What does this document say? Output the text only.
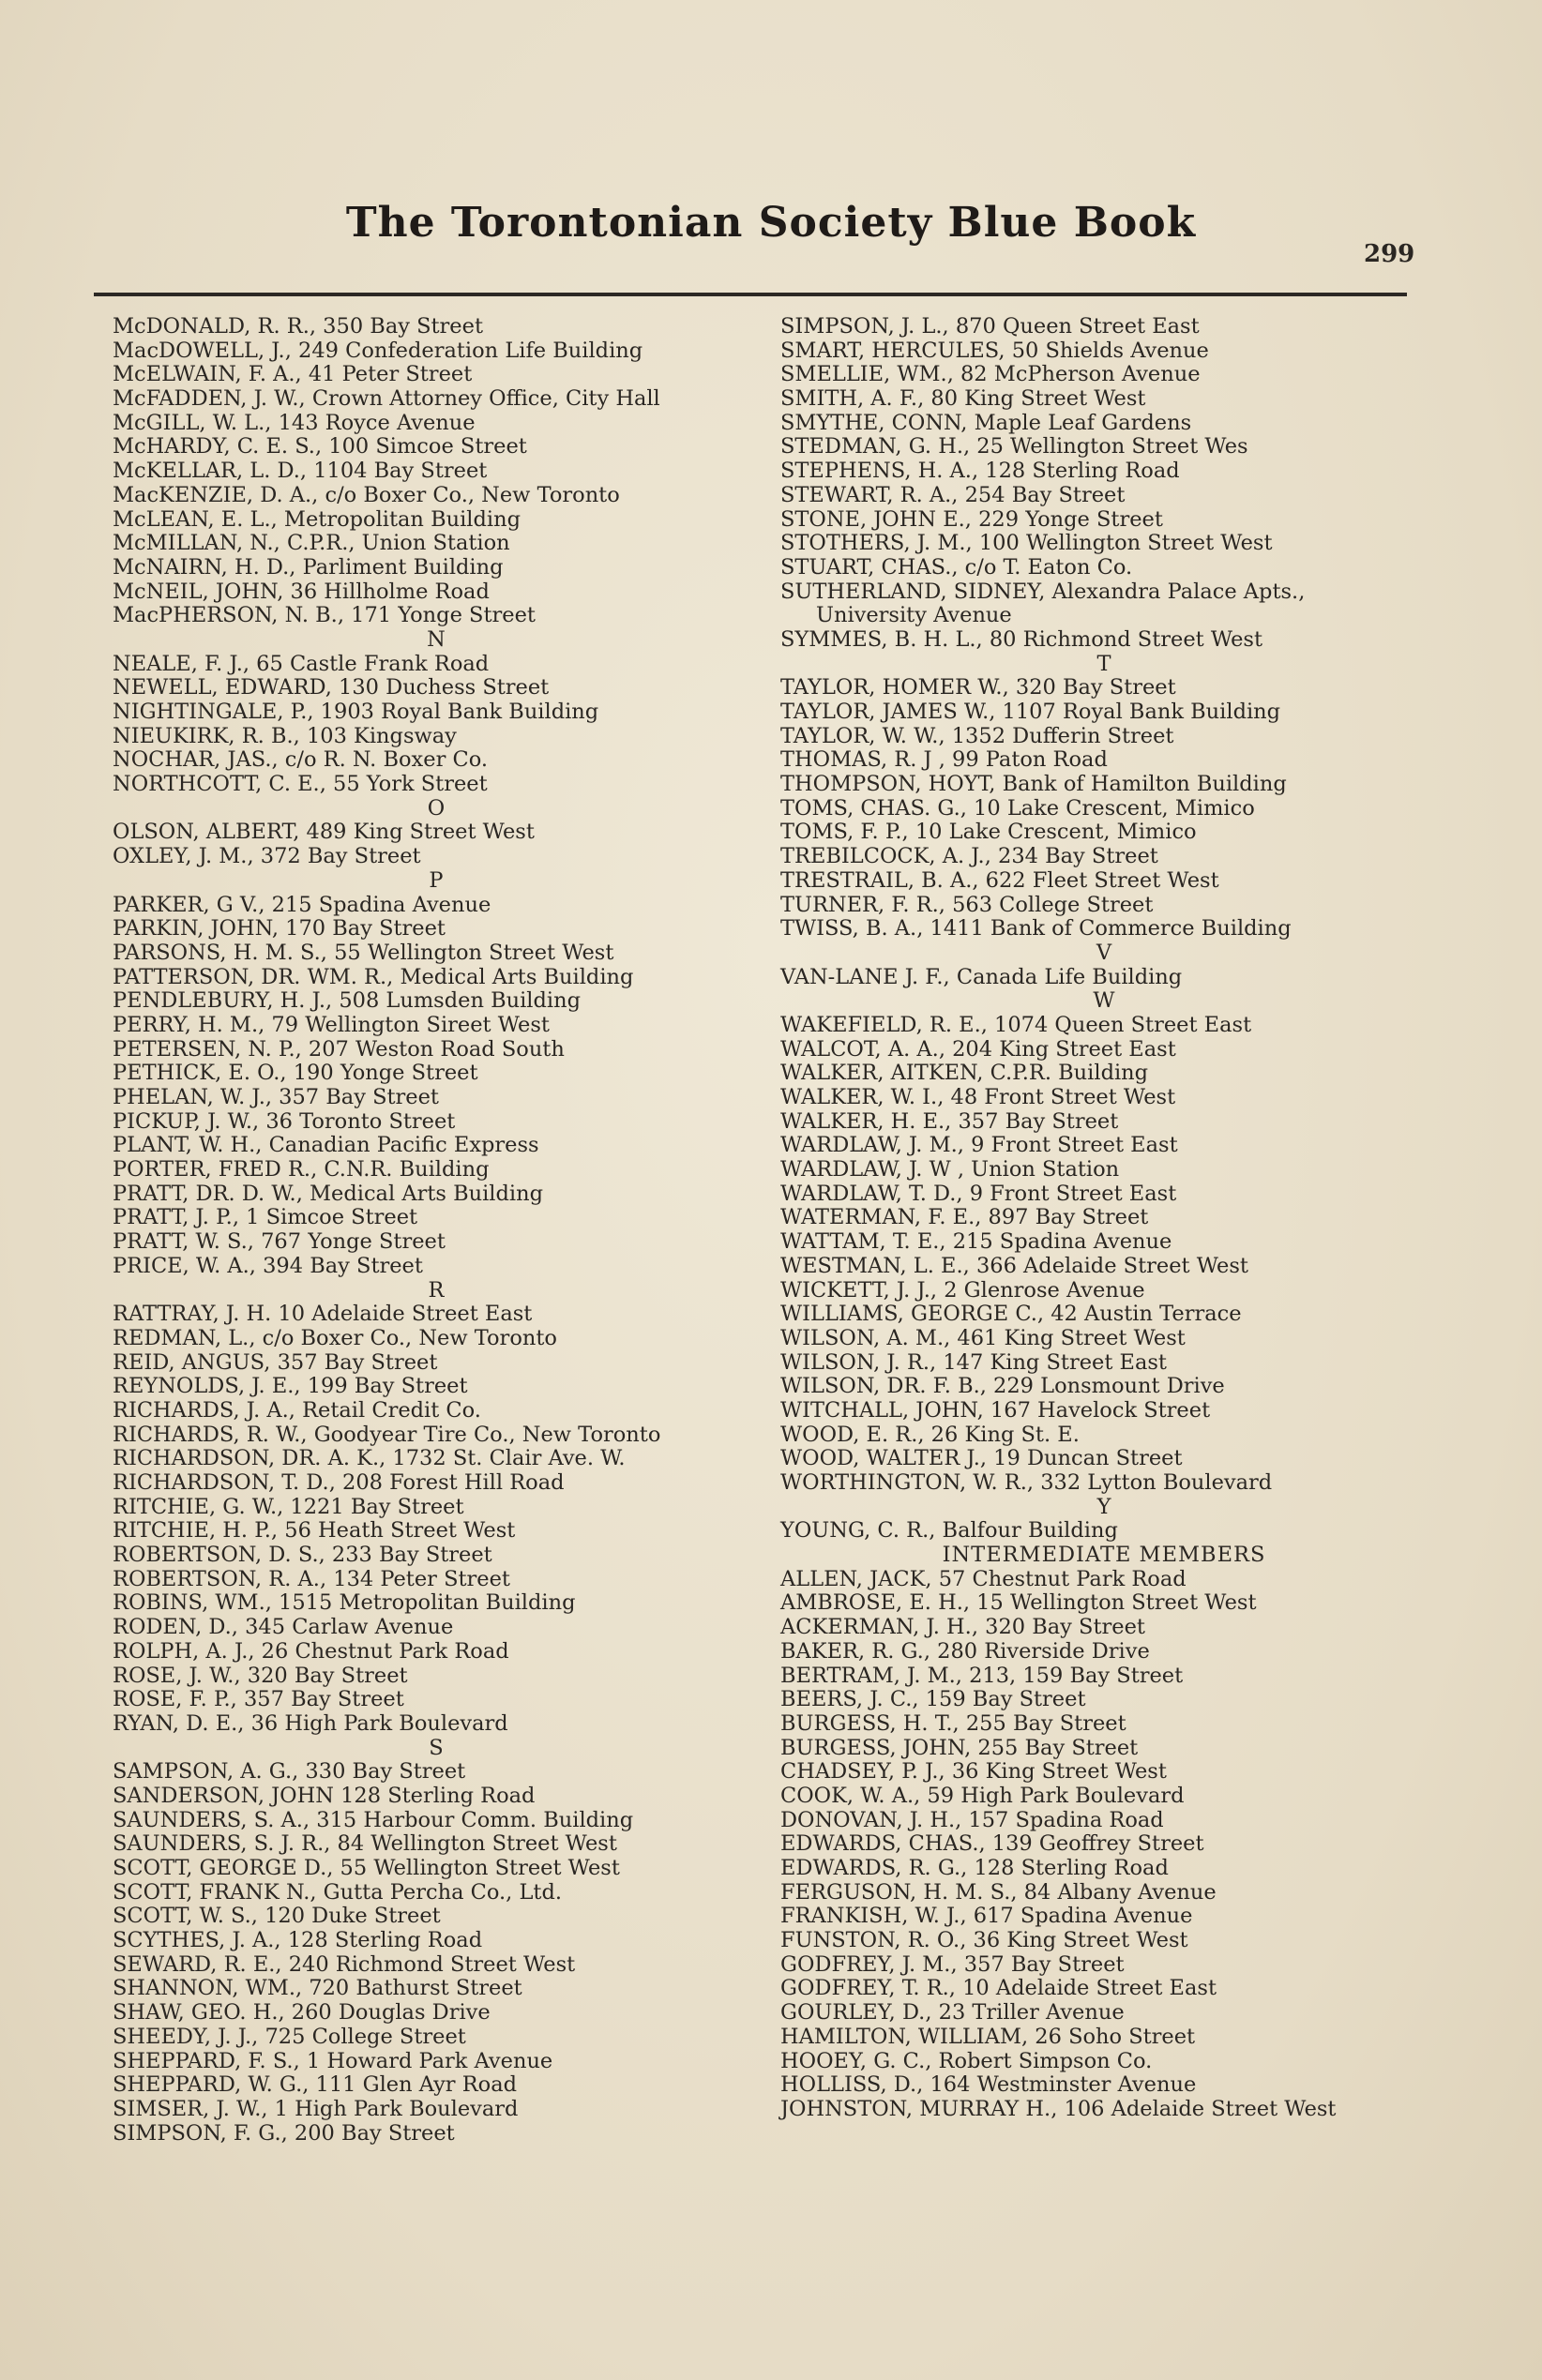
The Torontonian Society Blue Book
299
McDONALD, R. R., 350 Bay Street
MacDOWELL, J., 249 Confederation Life Building
McELWAIN, F. A., 41 Peter Street
McFADDEN, J. W., Crown Attorney Office, City Hall
McGILL, W. L., 143 Royce Avenue
McHARDY, C. E. S., 100 Simcoe Street
McKELLAR, L. D., 1104 Bay Street
MacKENZIE, D. A., c/o Boxer Co., New Toronto
McLEAN, E. L., Metropolitan Building
McMILLAN, N., C.P.R., Union Station
McNAIRN, H. D., Parliment Building
McNEIL, JOHN, 36 Hillholme Road
MacPHERSON, N. B., 171 Yonge Street
N
NEALE, F. J., 65 Castle Frank Road
NEWELL, EDWARD, 130 Duchess Street
NIGHTINGALE, P., 1903 Royal Bank Building
NIEUKIRK, R. B., 103 Kingsway
NOCHAR, JAS., c/o R. N. Boxer Co.
NORTHCOTT, C. E., 55 York Street
O
OLSON, ALBERT, 489 King Street West
OXLEY, J. M., 372 Bay Street
P
PARKER, G V., 215 Spadina Avenue
PARKIN, JOHN, 170 Bay Street
PARSONS, H. M. S., 55 Wellington Street West
PATTERSON, DR. WM. R., Medical Arts Building
PENDLEBURY, H. J., 508 Lumsden Building
PERRY, H. M., 79 Wellington Sireet West
PETERSEN, N. P., 207 Weston Road South
PETHICK, E. O., 190 Yonge Street
PHELAN, W. J., 357 Bay Street
PICKUP, J. W., 36 Toronto Street
PLANT, W. H., Canadian Pacific Express
PORTER, FRED R., C.N.R. Building
PRATT, DR. D. W., Medical Arts Building
PRATT, J. P., 1 Simcoe Street
PRATT, W. S., 767 Yonge Street
PRICE, W. A., 394 Bay Street
R
RATTRAY, J. H. 10 Adelaide Street East
REDMAN, L., c/o Boxer Co., New Toronto
REID, ANGUS, 357 Bay Street
REYNOLDS, J. E., 199 Bay Street
RICHARDS, J. A., Retail Credit Co.
RICHARDS, R. W., Goodyear Tire Co., New Toronto
RICHARDSON, DR. A. K., 1732 St. Clair Ave. W.
RICHARDSON, T. D., 208 Forest Hill Road
RITCHIE, G. W., 1221 Bay Street
RITCHIE, H. P., 56 Heath Street West
ROBERTSON, D. S., 233 Bay Street
ROBERTSON, R. A., 134 Peter Street
ROBINS, WM., 1515 Metropolitan Building
RODEN, D., 345 Carlaw Avenue
ROLPH, A. J., 26 Chestnut Park Road
ROSE, J. W., 320 Bay Street
ROSE, F. P., 357 Bay Street
RYAN, D. E., 36 High Park Boulevard
S
SAMPSON, A. G., 330 Bay Street
SANDERSON, JOHN 128 Sterling Road
SAUNDERS, S. A., 315 Harbour Comm. Building
SAUNDERS, S. J. R., 84 Wellington Street West
SCOTT, GEORGE D., 55 Wellington Street West
SCOTT, FRANK N., Gutta Percha Co., Ltd.
SCOTT, W. S., 120 Duke Street
SCYTHES, J. A., 128 Sterling Road
SEWARD, R. E., 240 Richmond Street West
SHANNON, WM., 720 Bathurst Street
SHAW, GEO. H., 260 Douglas Drive
SHEEDY, J. J., 725 College Street
SHEPPARD, F. S., 1 Howard Park Avenue
SHEPPARD, W. G., 111 Glen Ayr Road
SIMSER, J. W., 1 High Park Boulevard
SIMPSON, F. G., 200 Bay Street
SIMPSON, J. L., 870 Queen Street East
SMART, HERCULES, 50 Shields Avenue
SMELLIE, WM., 82 McPherson Avenue
SMITH, A. F., 80 King Street West
SMYTHE, CONN, Maple Leaf Gardens
STEDMAN, G. H., 25 Wellington Street Wes
STEPHENS, H. A., 128 Sterling Road
STEWART, R. A., 254 Bay Street
STONE, JOHN E., 229 Yonge Street
STOTHERS, J. M., 100 Wellington Street West
STUART, CHAS., c/o T. Eaton Co.
SUTHERLAND, SIDNEY, Alexandra Palace Apts.,
University Avenue
SYMMES, B. H. L., 80 Richmond Street West
T
TAYLOR, HOMER W., 320 Bay Street
TAYLOR, JAMES W., 1107 Royal Bank Building
TAYLOR, W. W., 1352 Dufferin Street
THOMAS, R. J , 99 Paton Road
THOMPSON, HOYT, Bank of Hamilton Building
TOMS, CHAS. G., 10 Lake Crescent, Mimico
TOMS, F. P., 10 Lake Crescent, Mimico
TREBILCOCK, A. J., 234 Bay Street
TRESTRAIL, B. A., 622 Fleet Street West
TURNER, F. R., 563 College Street
TWISS, B. A., 1411 Bank of Commerce Building
V
VAN-LANE J. F., Canada Life Building
W
WAKEFIELD, R. E., 1074 Queen Street East
WALCOT, A. A., 204 King Street East
WALKER, AITKEN, C.P.R. Building
WALKER, W. I., 48 Front Street West
WALKER, H. E., 357 Bay Street
WARDLAW, J. M., 9 Front Street East
WARDLAW, J. W , Union Station
WARDLAW, T. D., 9 Front Street East
WATERMAN, F. E., 897 Bay Street
WATTAM, T. E., 215 Spadina Avenue
WESTMAN, L. E., 366 Adelaide Street West
WICKETT, J. J., 2 Glenrose Avenue
WILLIAMS, GEORGE C., 42 Austin Terrace
WILSON, A. M., 461 King Street West
WILSON, J. R., 147 King Street East
WILSON, DR. F. B., 229 Lonsmount Drive
WITCHALL, JOHN, 167 Havelock Street
WOOD, E. R., 26 King St. E.
WOOD, WALTER J., 19 Duncan Street
WORTHINGTON, W. R., 332 Lytton Boulevard
Y
YOUNG, C. R., Balfour Building
INTERMEDIATE MEMBERS
ALLEN, JACK, 57 Chestnut Park Road
AMBROSE, E. H., 15 Wellington Street West
ACKERMAN, J. H., 320 Bay Street
BAKER, R. G., 280 Riverside Drive
BERTRAM, J. M., 213, 159 Bay Street
BEERS, J. C., 159 Bay Street
BURGESS, H. T., 255 Bay Street
BURGESS, JOHN, 255 Bay Street
CHADSEY, P. J., 36 King Street West
COOK, W. A., 59 High Park Boulevard
DONOVAN, J. H., 157 Spadina Road
EDWARDS, CHAS., 139 Geoffrey Street
EDWARDS, R. G., 128 Sterling Road
FERGUSON, H. M. S., 84 Albany Avenue
FRANKISH, W. J., 617 Spadina Avenue
FUNSTON, R. O., 36 King Street West
GODFREY, J. M., 357 Bay Street
GODFREY, T. R., 10 Adelaide Street East
GOURLEY, D., 23 Triller Avenue
HAMILTON, WILLIAM, 26 Soho Street
HOOEY, G. C., Robert Simpson Co.
HOLLISS, D., 164 Westminster Avenue
JOHNSTON, MURRAY H., 106 Adelaide Street West
